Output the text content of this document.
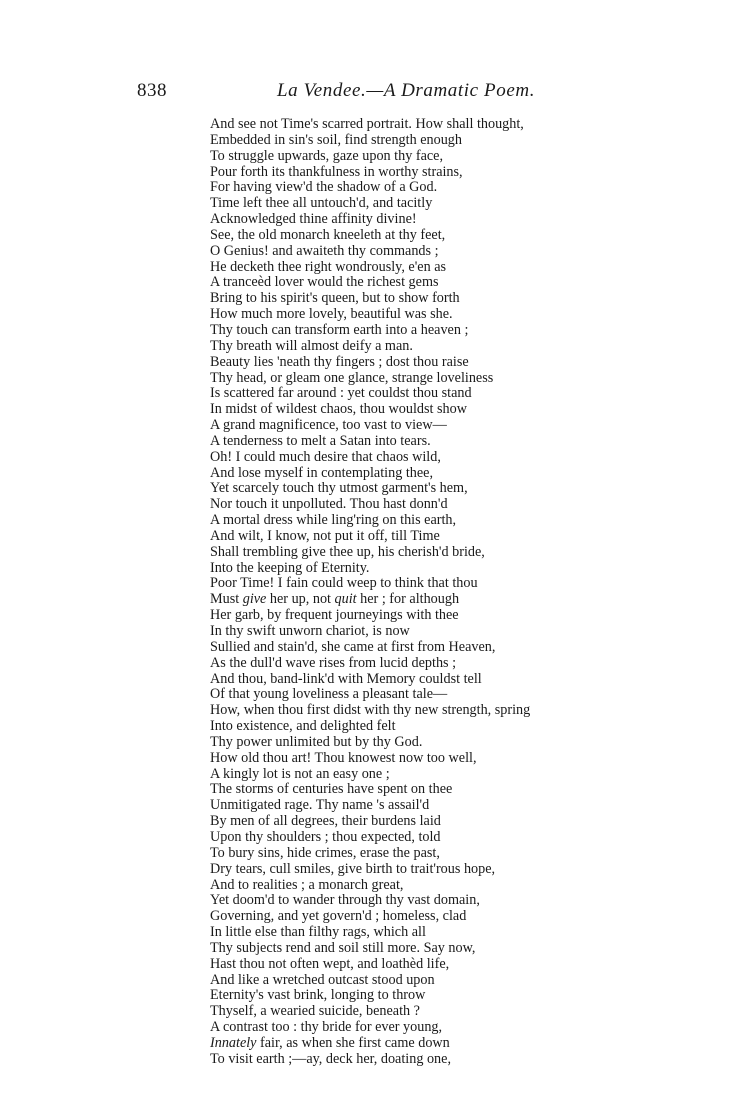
838	La Vendee.—A Dramatic Poem.
And see not Time's scarred portrait. How shall thought,
Embedded in sin's soil, find strength enough
To struggle upwards, gaze upon thy face,
Pour forth its thankfulness in worthy strains,
For having view'd the shadow of a God.
Time left thee all untouch'd, and tacitly
Acknowledged thine affinity divine!
See, the old monarch kneeleth at thy feet,
O Genius! and awaiteth thy commands ;
He decketh thee right wondrously, e'en as
A tranceèd lover would the richest gems
Bring to his spirit's queen, but to show forth
How much more lovely, beautiful was she.
Thy touch can transform earth into a heaven ;
Thy breath will almost deify a man.
Beauty lies 'neath thy fingers ; dost thou raise
Thy head, or gleam one glance, strange loveliness
Is scattered far around : yet couldst thou stand
In midst of wildest chaos, thou wouldst show
A grand magnificence, too vast to view—
A tenderness to melt a Satan into tears.
Oh! I could much desire that chaos wild,
And lose myself in contemplating thee,
Yet scarcely touch thy utmost garment's hem,
Nor touch it unpolluted. Thou hast donn'd
A mortal dress while ling'ring on this earth,
And wilt, I know, not put it off, till Time
Shall trembling give thee up, his cherish'd bride,
Into the keeping of Eternity.
Poor Time! I fain could weep to think that thou
Must give her up, not quit her ; for although
Her garb, by frequent journeyings with thee
In thy swift unworn chariot, is now
Sullied and stain'd, she came at first from Heaven,
As the dull'd wave rises from lucid depths ;
And thou, band-link'd with Memory couldst tell
Of that young loveliness a pleasant tale—
How, when thou first didst with thy new strength, spring
Into existence, and delighted felt
Thy power unlimited but by thy God.
How old thou art! Thou knowest now too well,
A kingly lot is not an easy one ;
The storms of centuries have spent on thee
Unmitigated rage. Thy name 's assail'd
By men of all degrees, their burdens laid
Upon thy shoulders ; thou expected, told
To bury sins, hide crimes, erase the past,
Dry tears, cull smiles, give birth to trait'rous hope,
And to realities ; a monarch great,
Yet doom'd to wander through thy vast domain,
Governing, and yet govern'd ; homeless, clad
In little else than filthy rags, which all
Thy subjects rend and soil still more. Say now,
Hast thou not often wept, and loathèd life,
And like a wretched outcast stood upon
Eternity's vast brink, longing to throw
Thyself, a wearied suicide, beneath ?
A contrast too : thy bride for ever young,
Innately fair, as when she first came down
To visit earth ;—ay, deck her, doating one,
